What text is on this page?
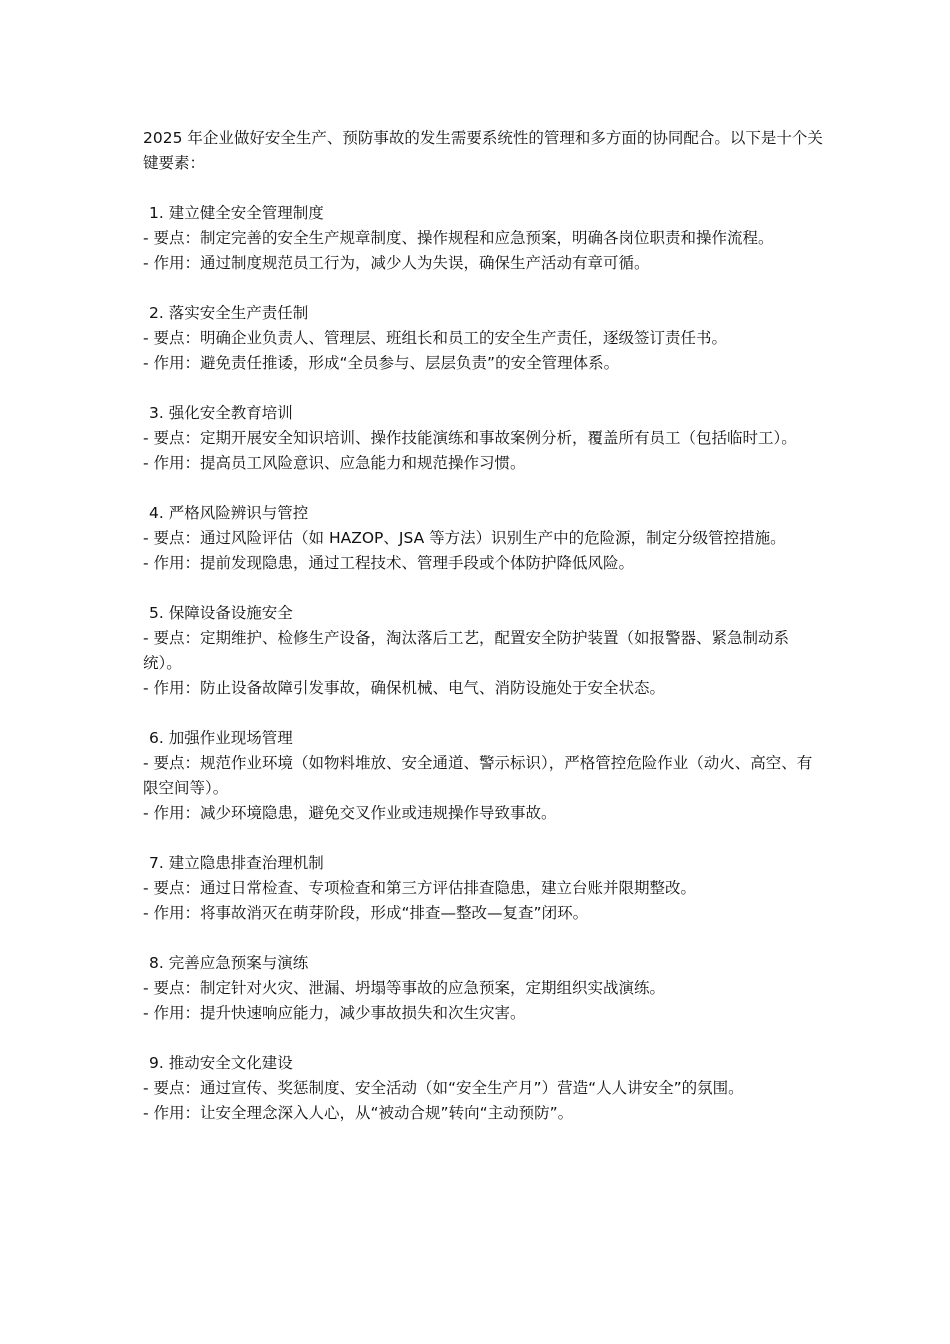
2025 年企业做好安全生产、预防事故的发生需要系统性的管理和多方面的协同配合。以下是十个关键要素：

1. 建立健全安全管理制度
- 要点：制定完善的安全生产规章制度、操作规程和应急预案，明确各岗位职责和操作流程。
- 作用：通过制度规范员工行为，减少人为失误，确保生产活动有章可循。
2. 落实安全生产责任制
- 要点：明确企业负责人、管理层、班组长和员工的安全生产责任，逐级签订责任书。
- 作用：避免责任推诿，形成“全员参与、层层负责”的安全管理体系。
3. 强化安全教育培训
- 要点：定期开展安全知识培训、操作技能演练和事故案例分析，覆盖所有员工（包括临时工）。
- 作用：提高员工风险意识、应急能力和规范操作习惯。
4. 严格风险辨识与管控
- 要点：通过风险评估（如 HAZOP、JSA 等方法）识别生产中的危险源，制定分级管控措施。
- 作用：提前发现隐患，通过工程技术、管理手段或个体防护降低风险。
5. 保障设备设施安全
- 要点：定期维护、检修生产设备，淘汰落后工艺，配置安全防护装置（如报警器、紧急制动系统）。
- 作用：防止设备故障引发事故，确保机械、电气、消防设施处于安全状态。
6. 加强作业现场管理
- 要点：规范作业环境（如物料堆放、安全通道、警示标识），严格管控危险作业（动火、高空、有限空间等）。
- 作用：减少环境隐患，避免交叉作业或违规操作导致事故。
7. 建立隐患排查治理机制
- 要点：通过日常检查、专项检查和第三方评估排查隐患，建立台账并限期整改。
- 作用：将事故消灭在萌芽阶段，形成“排查—整改—复查”闭环。
8. 完善应急预案与演练
- 要点：制定针对火灾、泄漏、坍塌等事故的应急预案，定期组织实战演练。
- 作用：提升快速响应能力，减少事故损失和次生灾害。
9. 推动安全文化建设
- 要点：通过宣传、奖惩制度、安全活动（如“安全生产月”）营造“人人讲安全”的氛围。
- 作用：让安全理念深入人心，从“被动合规”转向“主动预防”。
